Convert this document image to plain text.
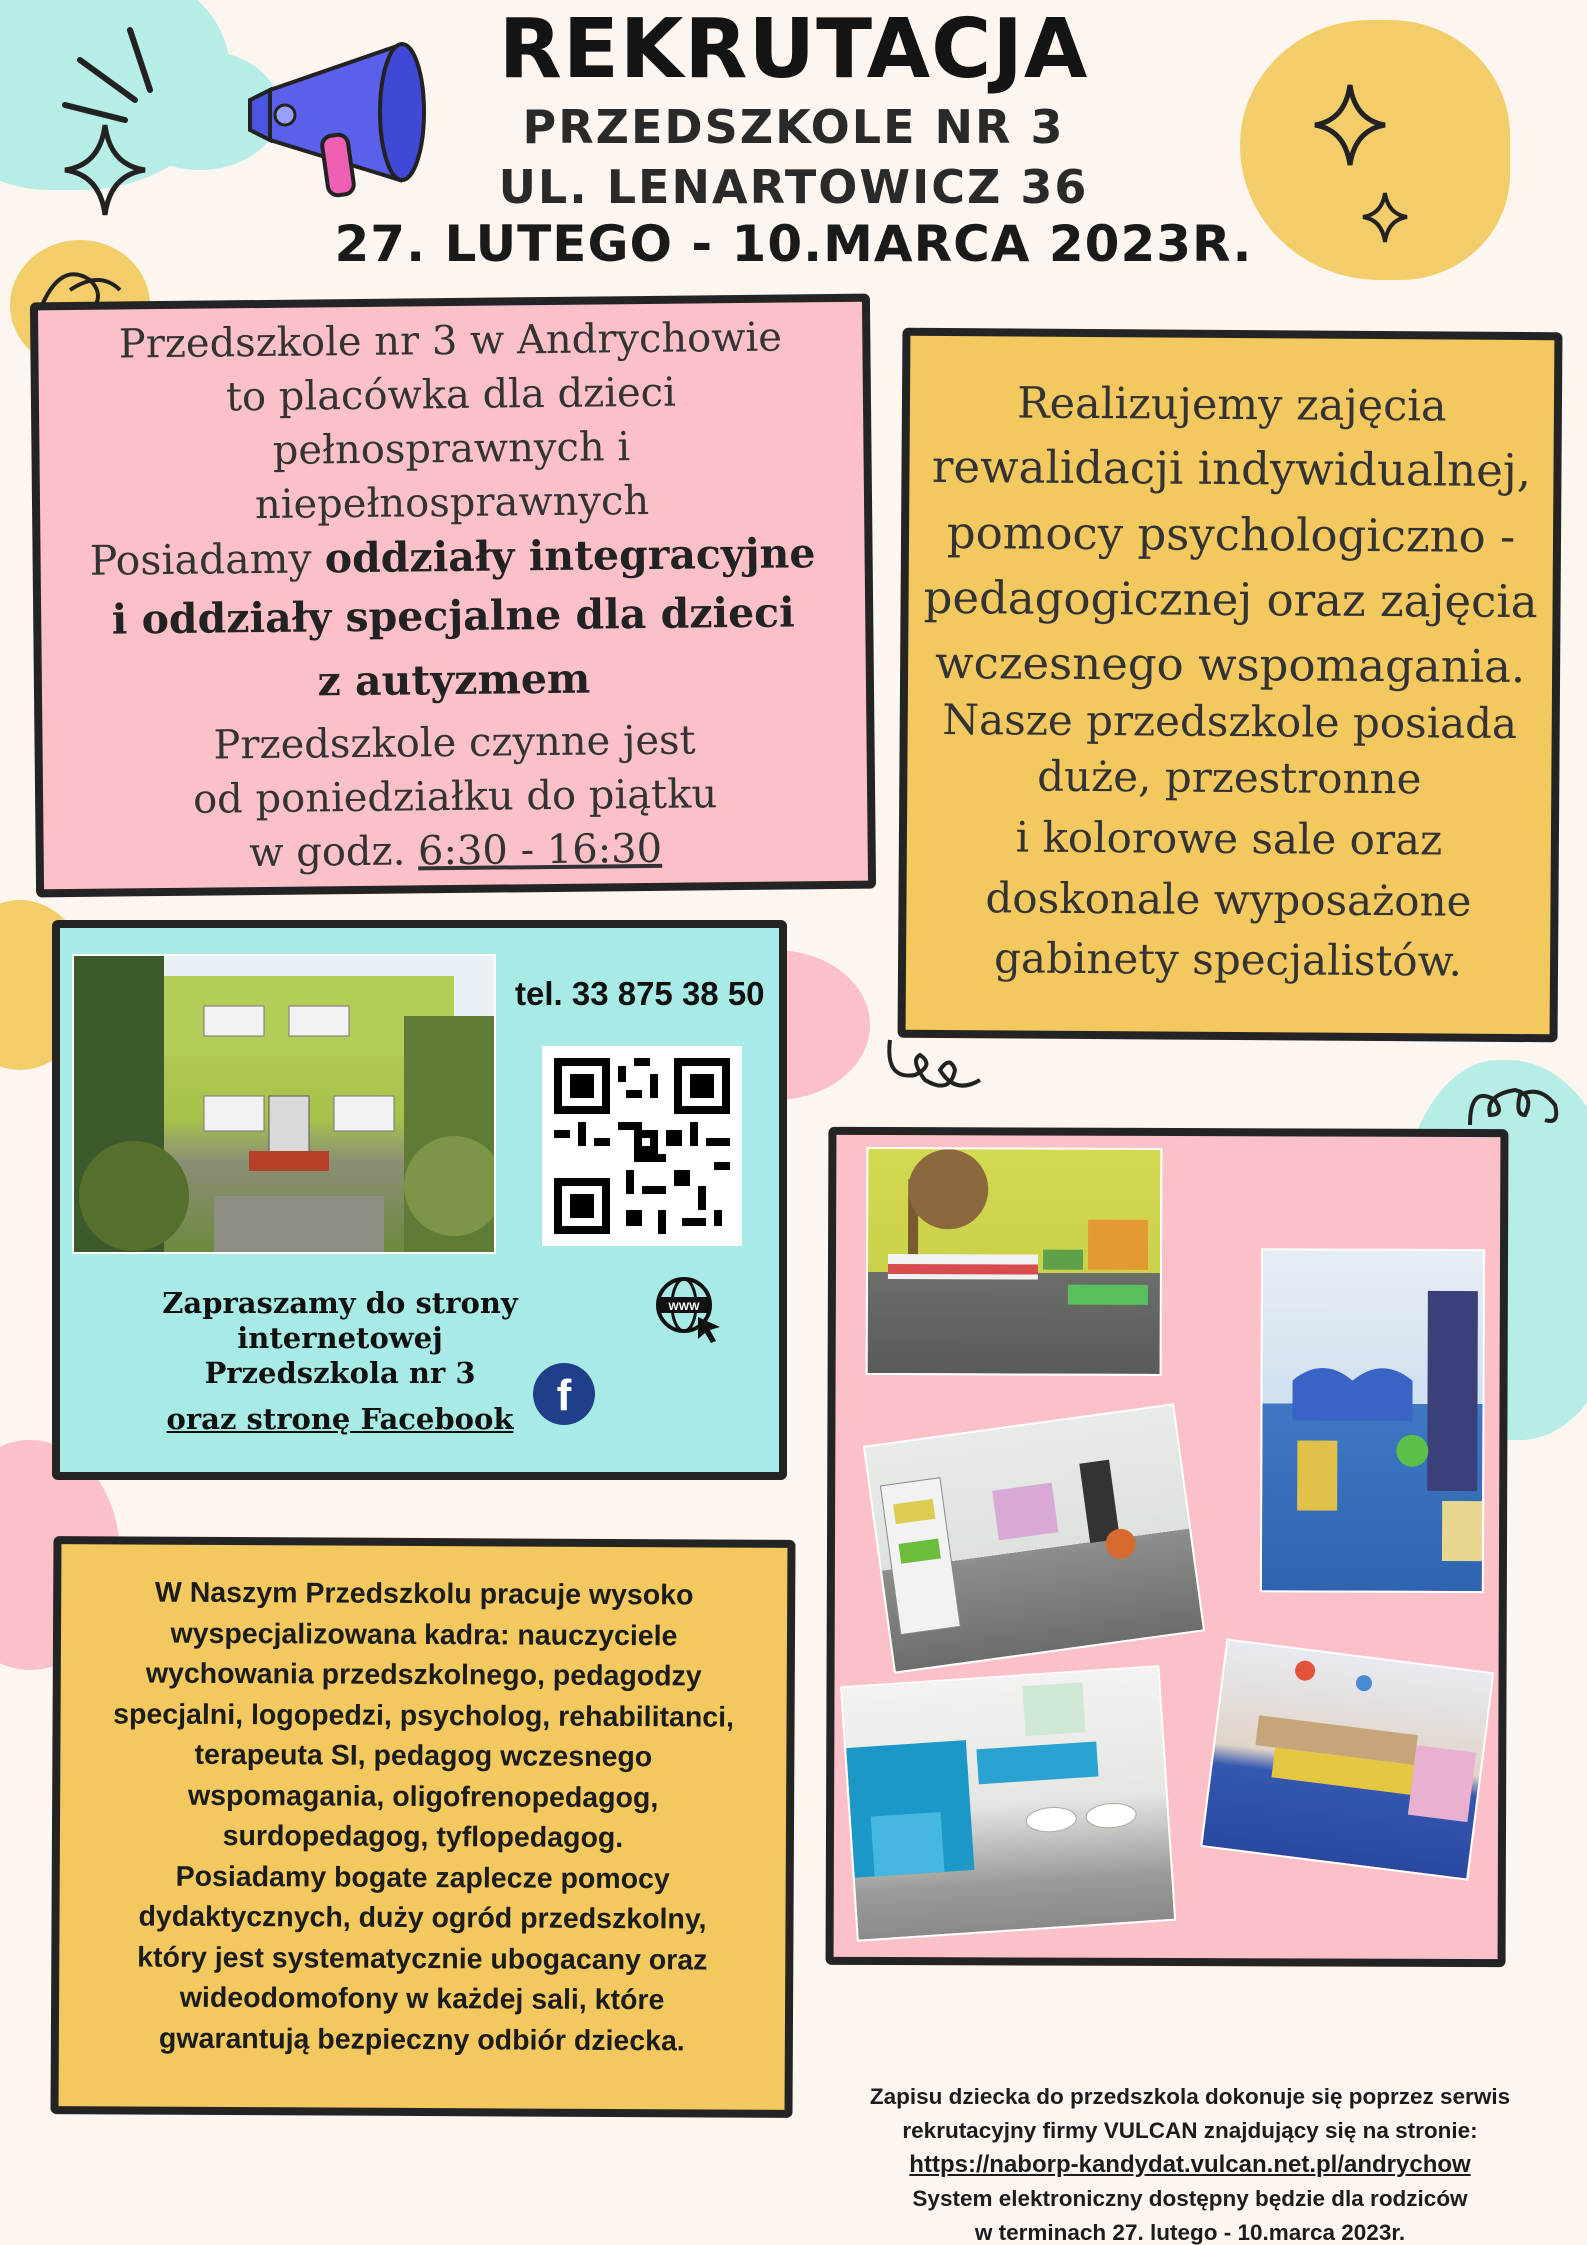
REKRUTACJA
PRZEDSZKOLE NR 3
UL. LENARTOWICZ 36
27. LUTEGO - 10.MARCA 2023R.
Przedszkole nr 3 w Andrychowie
to placówka dla dzieci
pełnosprawnych i
niepełnosprawnych
Posiadamy oddziały integracyjne
i oddziały specjalne dla dzieci
z autyzmem
Przedszkole czynne jest
od poniedziałku do piątku
w godz. 6:30 - 16:30
Realizujemy zajęcia
rewalidacji indywidualnej,
pomocy psychologiczno -
pedagogicznej oraz zajęcia
wczesnego wspomagania.
Nasze przedszkole posiada
duże, przestronne
i kolorowe sale oraz
doskonale wyposażone
gabinety specjalistów.
tel. 33 875 38 50
Zapraszamy do strony internetowej
Przedszkola nr 3
oraz stronę Facebook
WWW
f
W Naszym Przedszkolu pracuje wysoko
wyspecjalizowana kadra: nauczyciele
wychowania przedszkolnego, pedagodzy
specjalni, logopedzi, psycholog, rehabilitanci,
terapeuta SI, pedagog wczesnego
wspomagania, oligofrenopedagog,
surdopedagog, tyflopedagog.
Posiadamy bogate zaplecze pomocy
dydaktycznych, duży ogród przedszkolny,
który jest systematycznie ubogacany oraz
wideodomofony w każdej sali, które
gwarantują bezpieczny odbiór dziecka.
Zapisu dziecka do przedszkola dokonuje się poprzez serwis
rekrutacyjny firmy VULCAN znajdujący się na stronie:
https://naborp-kandydat.vulcan.net.pl/andrychow
System elektroniczny dostępny będzie dla rodziców
w terminach 27. lutego - 10.marca 2023r.
